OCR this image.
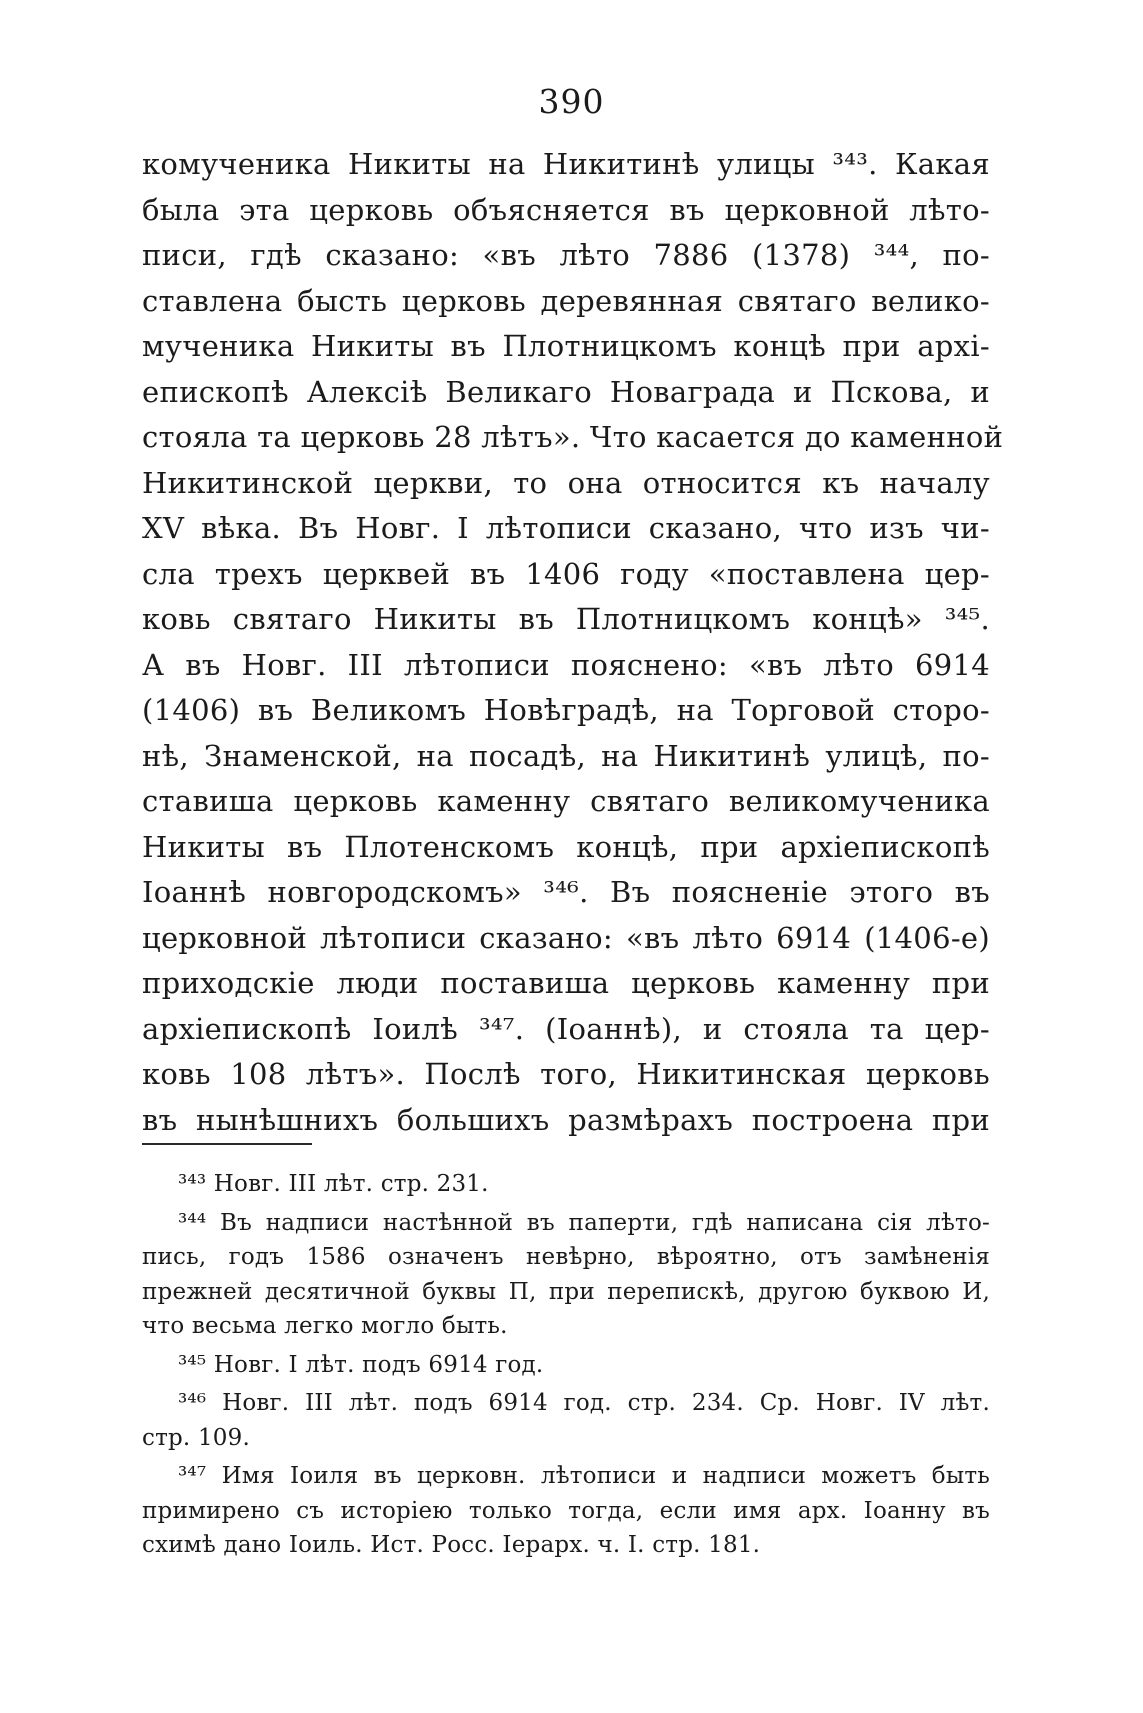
390
комученика Никиты на Никитинѣ улицы ³⁴³. Какая
была эта церковь объясняется въ церковной лѣто-
писи, гдѣ сказано: «въ лѣто 7886 (1378) ³⁴⁴, по-
ставлена бысть церковь деревянная святаго велико-
мученика Никиты въ Плотницкомъ концѣ при архі-
епископѣ Алексіѣ Великаго Новаграда и Пскова, и
стояла та церковь 28 лѣтъ». Что касается до каменной
Никитинской церкви, то она относится къ началу
XV вѣка. Въ Новг. I лѣтописи сказано, что изъ чи-
сла трехъ церквей въ 1406 году «поставлена цер-
ковь святаго Никиты въ Плотницкомъ концѣ» ³⁴⁵.
А въ Новг. III лѣтописи пояснено: «въ лѣто 6914
(1406) въ Великомъ Новѣградѣ, на Торговой сторо-
нѣ, Знаменской, на посадѣ, на Никитинѣ улицѣ, по-
ставиша церковь каменну святаго великомученика
Никиты въ Плотенскомъ концѣ, при архіепископѣ
Іоаннѣ новгородскомъ» ³⁴⁶. Въ поясненіе этого въ
церковной лѣтописи сказано: «въ лѣто 6914 (1406-е)
приходскіе люди поставиша церковь каменну при
архіепископѣ Іоилѣ ³⁴⁷. (Іоаннѣ), и стояла та цер-
ковь 108 лѣтъ». Послѣ того, Никитинская церковь
въ нынѣшнихъ большихъ размѣрахъ построена при
³⁴³ Новг. III лѣт. стр. 231.
³⁴⁴ Въ надписи настѣнной въ паперти, гдѣ написана сія лѣто-
пись, годъ 1586 означенъ невѣрно, вѣроятно, отъ замѣненія
прежней десятичной буквы П, при перепискѣ, другою буквою И,
что весьма легко могло быть.
³⁴⁵ Новг. I лѣт. подъ 6914 год.
³⁴⁶ Новг. III лѣт. подъ 6914 год. стр. 234. Ср. Новг. IV лѣт.
стр. 109.
³⁴⁷ Имя Іоиля въ церковн. лѣтописи и надписи можетъ быть
примирено съ исторіею только тогда, если имя арх. Іоанну въ
схимѣ дано Іоиль. Ист. Росс. Іерарх. ч. I. стр. 181.
